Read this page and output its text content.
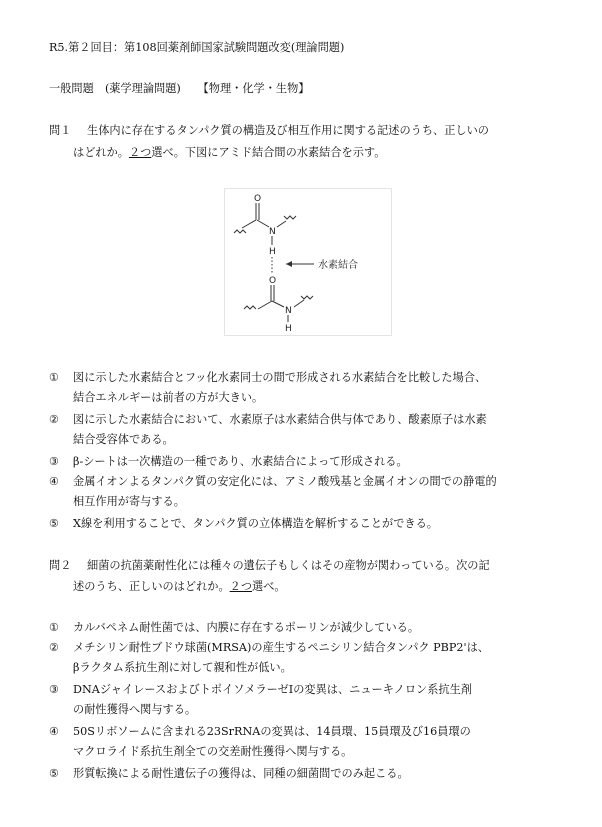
R5.第２回目：第108回薬剤師国家試験問題改変(理論問題)
一般問題　(薬学理論問題)　　【物理・化学・生物】
問１ 生体内に存在するタンパク質の構造及び相互作用に関する記述のうち、正しいの
はどれか。２つ選べ。下図にアミド結合間の水素結合を示す。
O
N
H
水素結合
O
N
H
① 図に示した水素結合とフッ化水素同士の間で形成される水素結合を比較した場合、
結合エネルギーは前者の方が大きい。
② 図に示した水素結合において、水素原子は水素結合供与体であり、酸素原子は水素
結合受容体である。
③ β-シートは一次構造の一種であり、水素結合によって形成される。
④ 金属イオンよるタンパク質の安定化には、アミノ酸残基と金属イオンの間での静電的
相互作用が寄与する。
⑤ X線を利用することで、タンパク質の立体構造を解析することができる。
問２ 細菌の抗菌薬耐性化には種々の遺伝子もしくはその産物が関わっている。次の記
述のうち、正しいのはどれか。２つ選べ。
① カルバペネム耐性菌では、内膜に存在するポーリンが減少している。
② メチシリン耐性ブドウ球菌(MRSA)の産生するペニシリン結合タンパク PBP2'は、
βラクタム系抗生剤に対して親和性が低い。
③ DNAジャイレースおよびトポイソメラーゼⅠの変異は、ニューキノロン系抗生剤
の耐性獲得へ関与する。
④ 50Sリボソームに含まれる23SrRNAの変異は、14員環、15員環及び16員環の
マクロライド系抗生剤全ての交差耐性獲得へ関与する。
⑤ 形質転換による耐性遺伝子の獲得は、同種の細菌間でのみ起こる。
